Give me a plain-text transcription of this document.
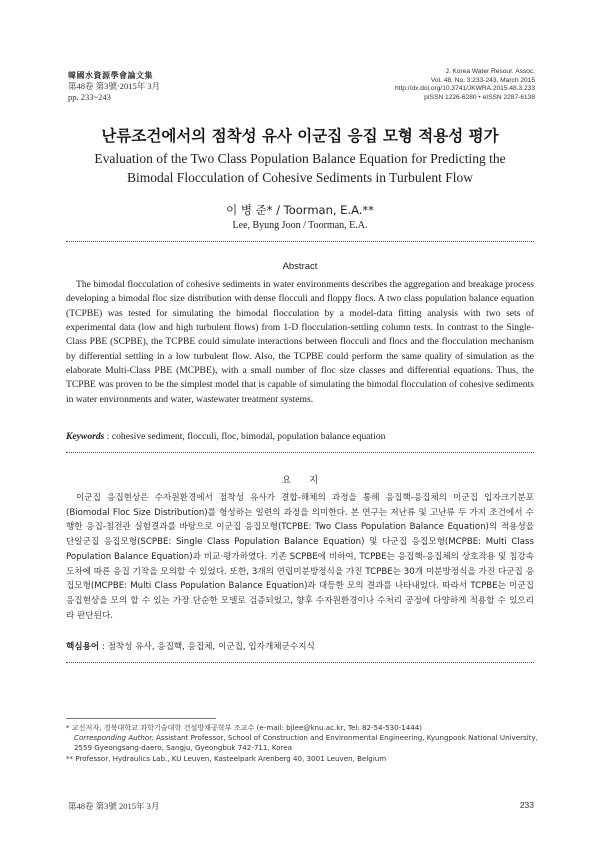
韓國水資源學會論文集
第48卷 第3號·2015年 3月
pp. 233~243
J. Korea Water Resour. Assoc.
Vol. 48, No. 3:233-243, March 2015
http://dx.doi.org/10.3741/JKWRA.2015.48.3.233
pISSN 1226-6280 • eISSN 2287-6138
난류조건에서의 점착성 유사 이군집 응집 모형 적용성 평가
Evaluation of the Two Class Population Balance Equation for Predicting the
Bimodal Flocculation of Cohesive Sediments in Turbulent Flow
이 병 준* / Toorman, E.A.**
Lee, Byung Joon / Toorman, E.A.
Abstract
The bimodal flocculation of cohesive sediments in water environments describes the aggregation and breakage process developing a bimodal floc size distribution with dense flocculi and floppy flocs. A two class population balance equation (TCPBE) was tested for simulating the bimodal flocculation by a model-data fitting analysis with two sets of experimental data (low and high turbulent flows) from 1-D flocculation-settling column tests. In contrast to the Single-Class PBE (SCPBE), the TCPBE could simulate interactions between flocculi and flocs and the flocculation mechanism by differential settling in a low turbulent flow. Also, the TCPBE could perform the same quality of simulation as the elaborate Multi-Class PBE (MCPBE), with a small number of floc size classes and differential equations. Thus, the TCPBE was proven to be the simplest model that is capable of simulating the bimodal flocculation of cohesive sediments in water environments and water, wastewater treatment systems.
Keywords : cohesive sediment, flocculi, floc, bimodal, population balance equation
요지
이군집 응집현상은 수자원환경에서 점착성 유사가 결합-해체의 과정을 통해 응집핵-응집체의 이군집 입자크기분포(Biomodal Floc Size Distribution)를 형성하는 일련의 과정을 의미한다. 본 연구는 저난류 및 고난류 두 가지 조건에서 수행한 응집-침전관 실험결과를 바탕으로 이군집 응집모형(TCPBE: Two Class Population Balance Equation)의 적용성을 단일군집 응집모형(SCPBE: Single Class Population Balance Equation) 및 다군집 응집모형(MCPBE: Multi Class Population Balance Equation)과 비교·평가하였다. 기존 SCPBE에 비하여, TCPBE는 응집핵-응집체의 상호작용 및 침강속도차에 따른 응집 기작을 모의할 수 있었다. 또한, 3개의 연립미분방정식을 가진 TCPBE는 30개 미분방정식을 가진 다군집 응집모형(MCPBE: Multi Class Population Balance Equation)과 대등한 모의 결과를 나타내었다. 따라서 TCPBE는 이군집 응집현상을 모의 할 수 있는 가장 단순한 모델로 검증되었고, 향후 수자원환경이나 수처리 공정에 다양하게 적용할 수 있으리라 판단된다.
핵심용어 : 점착성 유사, 응집핵, 응집체, 이군집, 입자개체군수지식
* 교신저자, 경북대학교 과학기술대학 건설방재공학부 조교수 (e-mail: bjlee@knu.ac.kr, Tel: 82-54-530-1444)
Corresponding Author, Assistant Professor, School of Construction and Environmental Engineering, Kyungpook National University, 2559 Gyeongsang-daero, Sangju, Gyeongbuk 742-711, Korea
** Professor, Hydraulics Lab., KU Leuven, Kasteelpark Arenberg 40, 3001 Leuven, Belgium
第48卷 第3號 2015年 3月	233
